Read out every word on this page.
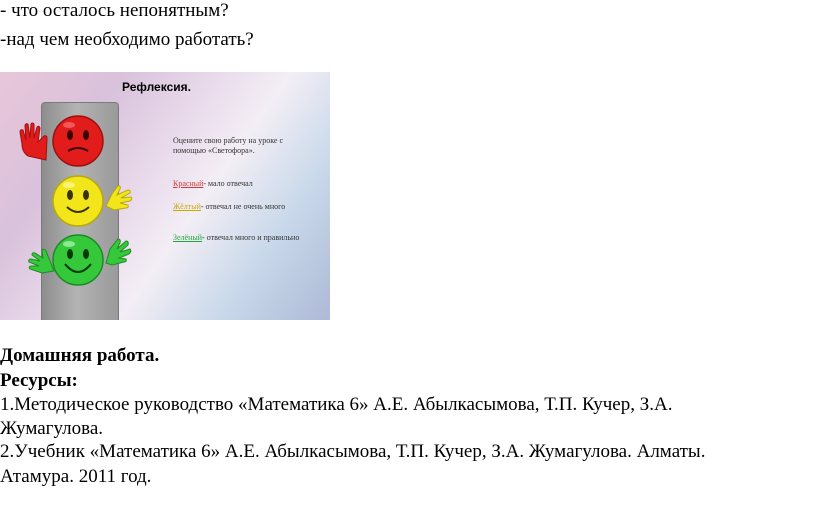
- что осталось непонятным?
-над чем необходимо работать?
Рефлексия.
Оцените свою работу на уроке с помощью «Светофора».
Красный- мало отвечал
Жёлтый- отвечал не очень много
Зелёный- отвечал много и правильно
Домашняя работа.
Ресурсы:
1.Методическое руководство «Математика 6» А.Е. Абылкасымова, Т.П. Кучер, З.А.
Жумагулова.
2.Учебник «Математика 6» А.Е. Абылкасымова, Т.П. Кучер, З.А. Жумагулова. Алматы.
Атамура. 2011 год.
